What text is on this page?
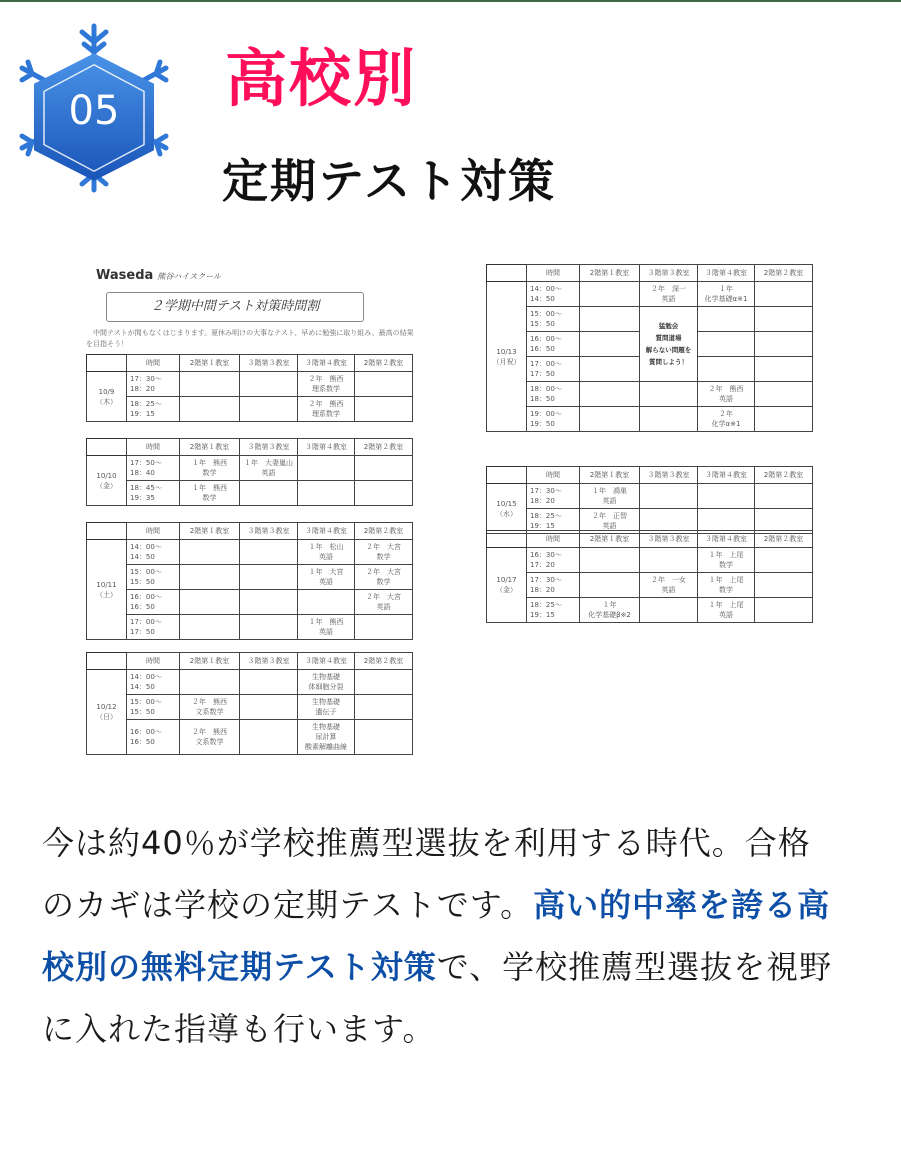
05 高校別
定期テスト対策
Waseda 熊谷ハイスクール
２学期中間テスト対策時間割
中間テストが間もなくはじまります。夏休み明けの大事なテスト、早めに勉強に取り組み、最高の結果を目指そう！
	時間	2階第１教室	３階第３教室	３階第４教室	2階第２教室
10/9
（木）	17：30～
18：20			２年　熊西
理系数学	
	18：25～
19：15			２年　熊西
理系数学	
	時間	2階第１教室	３階第３教室	３階第４教室	2階第２教室
10/10
（金）	17：50～
18：40	１年　熊西
数学	１年　大妻嵐山
英語		
	18：45～
19：35	１年　熊西
数学			
	時間	2階第１教室	３階第３教室	３階第４教室	2階第２教室
10/11
（土）	14：00～
14：50			１年　松山
英語	２年　大宮
数学
	15：00～
15：50			１年　大宮
英語	２年　大宮
数学
	16：00～
16：50				２年　大宮
英語
	17：00～
17：50			１年　熊西
英語	
	時間	2階第１教室	３階第３教室	３階第４教室	2階第２教室
10/12
（日）	14：00～
14：50			生物基礎
体細胞分裂	
	15：00～
15：50	２年　熊西
文系数学		生物基礎
遺伝子	
	16：00～
16：50	２年　熊西
文系数学		生物基礎
尿計算
酸素解離曲線	
	時間	2階第１教室	３階第３教室	３階第４教室	2階第２教室
10/13
（月祝）	14：00～
14：50		２年　深一
英語	１年
化学基礎α※1	
	15：00～
15：50		猛勉会
質問道場
解らない問題を
質問しよう！		
	16：00～
16：50				
	17：00～
17：50				
	18：00～
18：50			２年　熊西
英語	
	19：00～
19：50			２年
化学α※1	
	時間	2階第１教室	３階第３教室	３階第４教室	2階第２教室
10/15
（水）	17：30～
18：20	１年　鴻巣
英語			
	18：25～
19：15	２年　正智
英語			
	時間	2階第１教室	３階第３教室	３階第４教室	2階第２教室
10/17
（金）	16：30～
17：20			１年　上尾
数学	
	17：30～
18：20		２年　一女
英語	１年　上尾
数学	
	18：25～
19：15	１年
化学基礎β※2		１年　上尾
英語	

今は約40％が学校推薦型選抜を利用する時代。合格のカギは学校の定期テストです。高い的中率を誇る高校別の無料定期テスト対策で、学校推薦型選抜を視野に入れた指導も行います。
